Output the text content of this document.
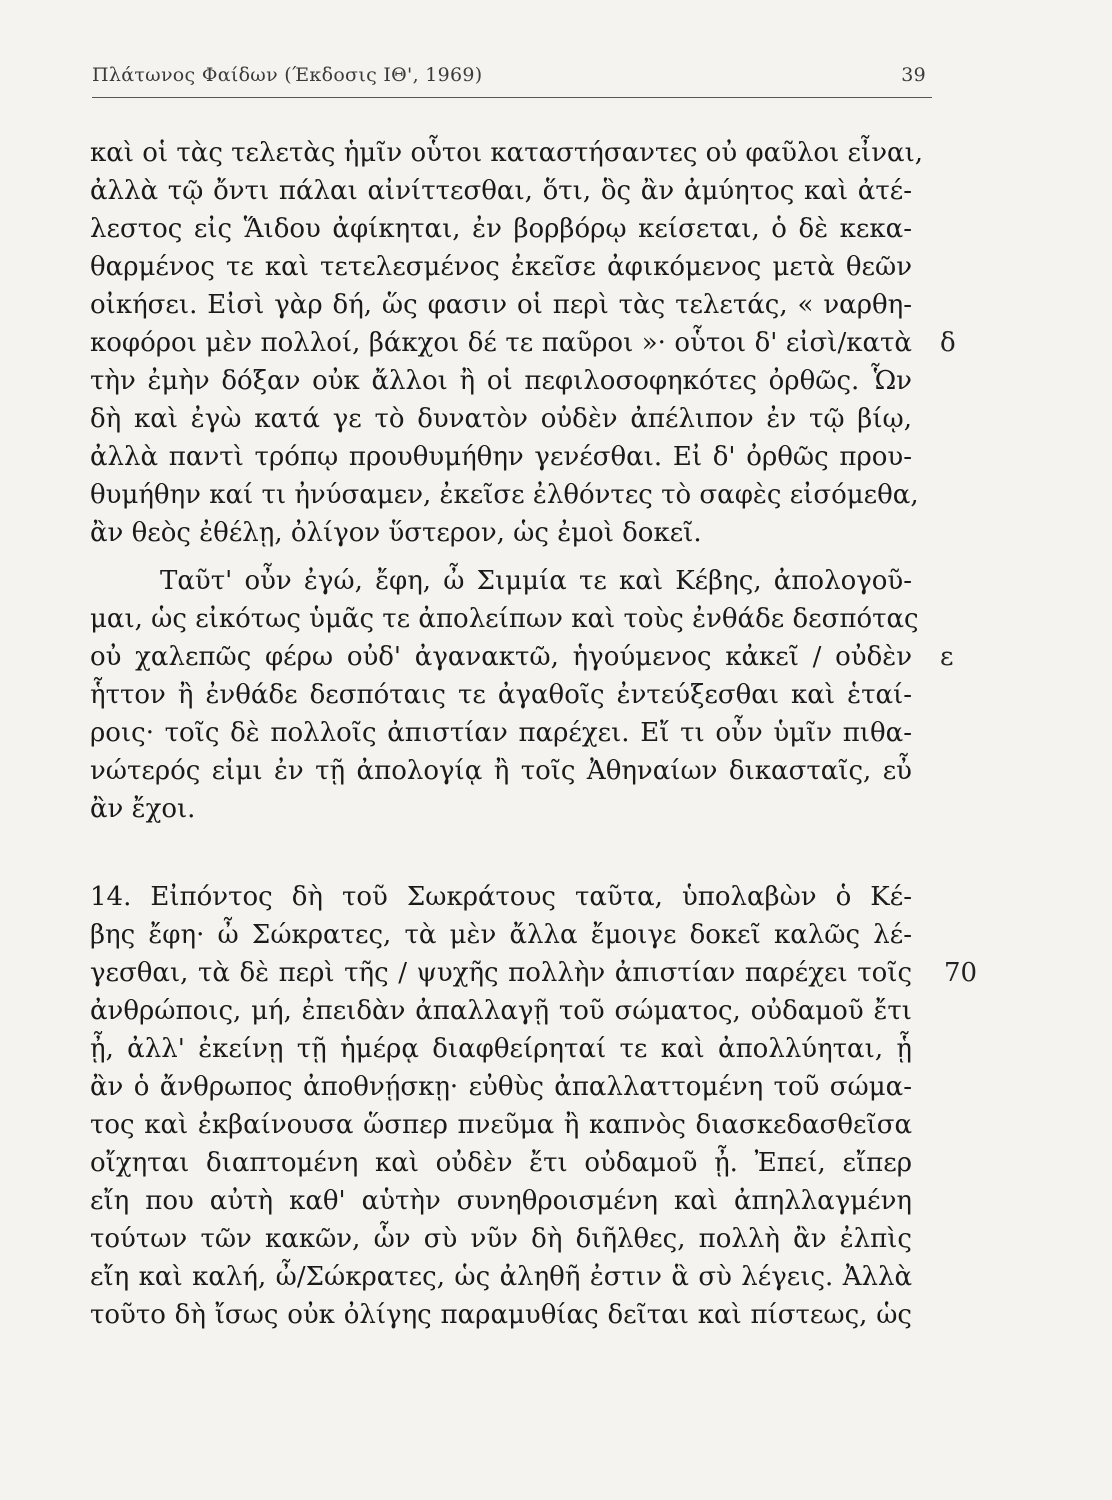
Πλάτωνος Φαίδων (Έκδοσις ΙΘ', 1969)	39
καὶ οἱ τὰς τελετὰς ἡμῖν οὗτοι καταστήσαντες οὐ φαῦλοι εἶναι,
ἀλλὰ τῷ ὄντι πάλαι αἰνίττεσθαι, ὅτι, ὃς ἂν ἀμύητος καὶ ἀτέ-
λεστος εἰς Ἅιδου ἀφίκηται, ἐν βορβόρῳ κείσεται, ὁ δὲ κεκα-
θαρμένος τε καὶ τετελεσμένος ἐκεῖσε ἀφικόμενος μετὰ θεῶν
οἰκήσει. Εἰσὶ γὰρ δή, ὥς φασιν οἱ περὶ τὰς τελετάς, « ναρθη-
κοφόροι μὲν πολλοί, βάκχοι δέ τε παῦροι »· οὗτοι δ' εἰσὶ/κατὰ
τὴν ἐμὴν δόξαν οὐκ ἄλλοι ἢ οἱ πεφιλοσοφηκότες ὀρθῶς. Ὧν
δὴ καὶ ἐγὼ κατά γε τὸ δυνατὸν οὐδὲν ἀπέλιπον ἐν τῷ βίῳ,
ἀλλὰ παντὶ τρόπῳ προυθυμήθην γενέσθαι. Εἰ δ' ὀρθῶς πρου-
θυμήθην καί τι ἠνύσαμεν, ἐκεῖσε ἐλθόντες τὸ σαφὲς εἰσόμεθα,
ἂν θεὸς ἐθέλῃ, ὀλίγον ὕστερον, ὡς ἐμοὶ δοκεῖ.
Ταῦτ' οὖν ἐγώ, ἔφη, ὦ Σιμμία τε καὶ Κέβης, ἀπολογοῦ-
μαι, ὡς εἰκότως ὑμᾶς τε ἀπολείπων καὶ τοὺς ἐνθάδε δεσπότας
οὐ χαλεπῶς φέρω οὐδ' ἀγανακτῶ, ἡγούμενος κἀκεῖ / οὐδὲν
ἧττον ἢ ἐνθάδε δεσπόταις τε ἀγαθοῖς ἐντεύξεσθαι καὶ ἑταί-
ροις· τοῖς δὲ πολλοῖς ἀπιστίαν παρέχει. Εἴ τι οὖν ὑμῖν πιθα-
νώτερός εἰμι ἐν τῇ ἀπολογίᾳ ἢ τοῖς Ἀθηναίων δικασταῖς, εὖ
ἂν ἔχοι.
14. Εἰπόντος δὴ τοῦ Σωκράτους ταῦτα, ὑπολαβὼν ὁ Κέ-
βης ἔφη· ὦ Σώκρατες, τὰ μὲν ἄλλα ἔμοιγε δοκεῖ καλῶς λέ-
γεσθαι, τὰ δὲ περὶ τῆς / ψυχῆς πολλὴν ἀπιστίαν παρέχει τοῖς
ἀνθρώποις, μή, ἐπειδὰν ἀπαλλαγῇ τοῦ σώματος, οὐδαμοῦ ἔτι
ᾖ, ἀλλ' ἐκείνῃ τῇ ἡμέρᾳ διαφθείρηταί τε καὶ ἀπολλύηται, ᾗ
ἂν ὁ ἄνθρωπος ἀποθνῄσκῃ· εὐθὺς ἀπαλλαττομένη τοῦ σώμα-
τος καὶ ἐκβαίνουσα ὥσπερ πνεῦμα ἢ καπνὸς διασκεδασθεῖσα
οἴχηται διαπτομένη καὶ οὐδὲν ἔτι οὐδαμοῦ ᾖ. Ἐπεί, εἴπερ
εἴη που αὐτὴ καθ' αὑτὴν συνηθροισμένη καὶ ἀπηλλαγμένη
τούτων τῶν κακῶν, ὧν σὺ νῦν δὴ διῆλθες, πολλὴ ἂν ἐλπὶς
εἴη καὶ καλή, ὦ/Σώκρατες, ὡς ἀληθῆ ἐστιν ἃ σὺ λέγεις. Ἀλλὰ
τοῦτο δὴ ἴσως οὐκ ὀλίγης παραμυθίας δεῖται καὶ πίστεως, ὡς
δ
ε
70
